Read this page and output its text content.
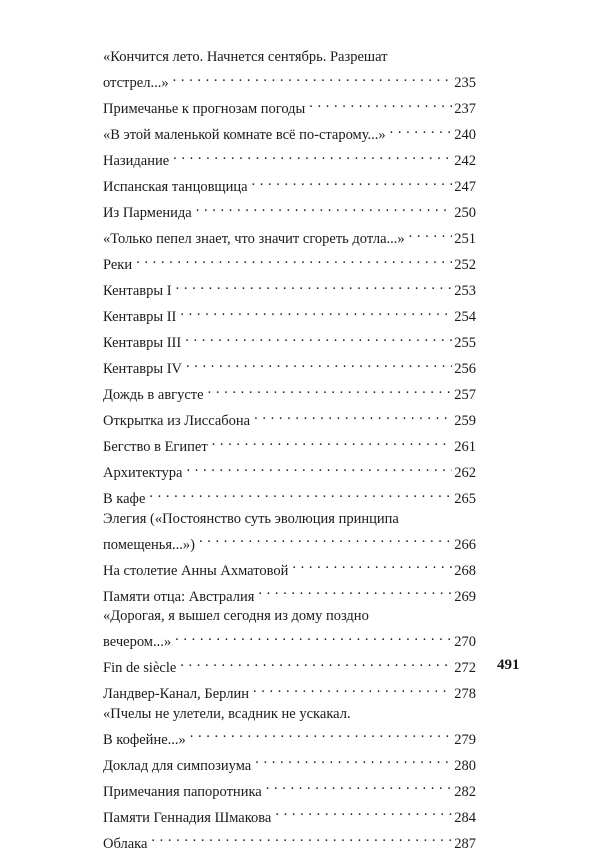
«Кончится лето. Начнется сентябрь. Разрешат
отстрел...» . . .	235
Примечанье к прогнозам погоды . . .	237
«В этой маленькой комнате всё по-старому...» . . .	240
Назидание . . .	242
Испанская танцовщица . . .	247
Из Парменида . . .	250
«Только пепел знает, что значит сгореть дотла...» . . .	251
Реки . . .	252
Кентавры I . . .	253
Кентавры II . . .	254
Кентавры III . . .	255
Кентавры IV . . .	256
Дождь в августе . . .	257
Открытка из Лиссабона . . .	259
Бегство в Египет . . .	261
Архитектура . . .	262
В кафе . . .	265
Элегия («Постоянство суть эволюция принципа
помещенья...») . . .	266
На столетие Анны Ахматовой . . .	268
Памяти отца: Австралия . . .	269
«Дорогая, я вышел сегодня из дому поздно
вечером...» . . .	270
Fin de siècle . . .	272
Ландвер-Канал, Берлин . . .	278
«Пчелы не улетели, всадник не ускакал.
В кофейне...» . . .	279
Доклад для симпозиума . . .	280
Примечания папоротника . . .	282
Памяти Геннадия Шмакова . . .	284
Облака . . .	287
491
